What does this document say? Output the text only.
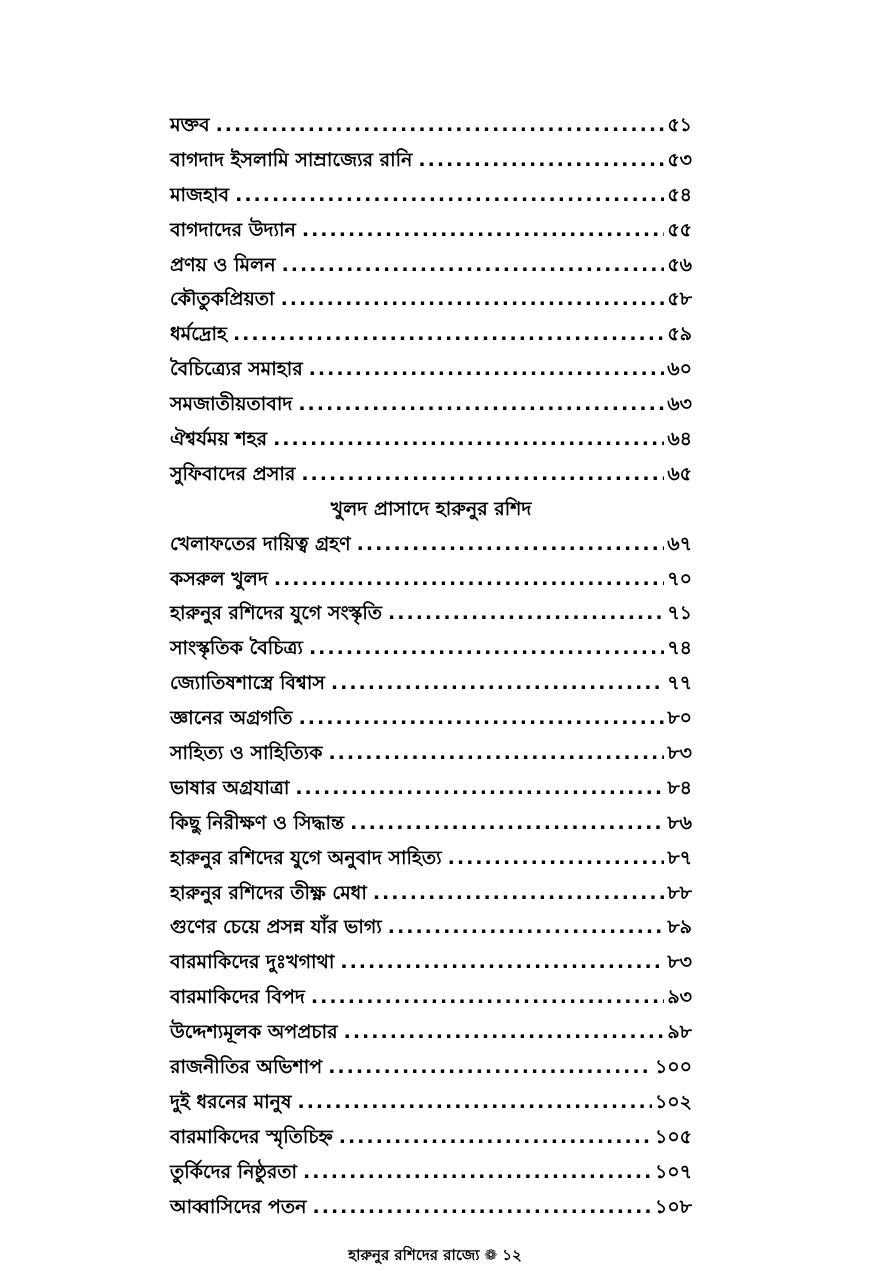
মক্তব .....	৫১
বাগদাদ ইসলামি সাম্রাজ্যের রানি .....	৫৩
মাজহাব .....	৫৪
বাগদাদের উদ্যান .....	৫৫
প্রণয় ও মিলন .....	৫৬
কৌতুকপ্রিয়তা .....	৫৮
ধর্মদ্রোহ .....	৫৯
বৈচিত্র্যের সমাহার .....	৬০
সমজাতীয়তাবাদ .....	৬৩
ঐশ্বর্যময় শহর .....	৬৪
সুফিবাদের প্রসার .....	৬৫
খুলদ প্রাসাদে হারুনুর রশিদ
খেলাফতের দায়িত্ব গ্রহণ .....	৬৭
কসরুল খুলদ .....	৭০
হারুনুর রশিদের যুগে সংস্কৃতি .....	৭১
সাংস্কৃতিক বৈচিত্র্য .....	৭৪
জ্যোতিষশাস্ত্রে বিশ্বাস .....	৭৭
জ্ঞানের অগ্রগতি .....	৮০
সাহিত্য ও সাহিত্যিক .....	৮৩
ভাষার অগ্রযাত্রা .....	৮৪
কিছু নিরীক্ষণ ও সিদ্ধান্ত .....	৮৬
হারুনুর রশিদের যুগে অনুবাদ সাহিত্য .....	৮৭
হারুনুর রশিদের তীক্ষ্ণ মেধা .....	৮৮
গুণের চেয়ে প্রসন্ন যাঁর ভাগ্য .....	৮৯
বারমাকিদের দুঃখগাথা .....	৮৩
বারমাকিদের বিপদ .....	৯৩
উদ্দেশ্যমূলক অপপ্রচার .....	৯৮
রাজনীতির অভিশাপ .....	১০০
দুই ধরনের মানুষ .....	১০২
বারমাকিদের স্মৃতিচিহ্ন .....	১০৫
তুর্কিদের নিষ্ঠুরতা .....	১০৭
আব্বাসিদের পতন .....	১০৮
হারুনুর রশিদের রাজ্যে ❁ ১২
